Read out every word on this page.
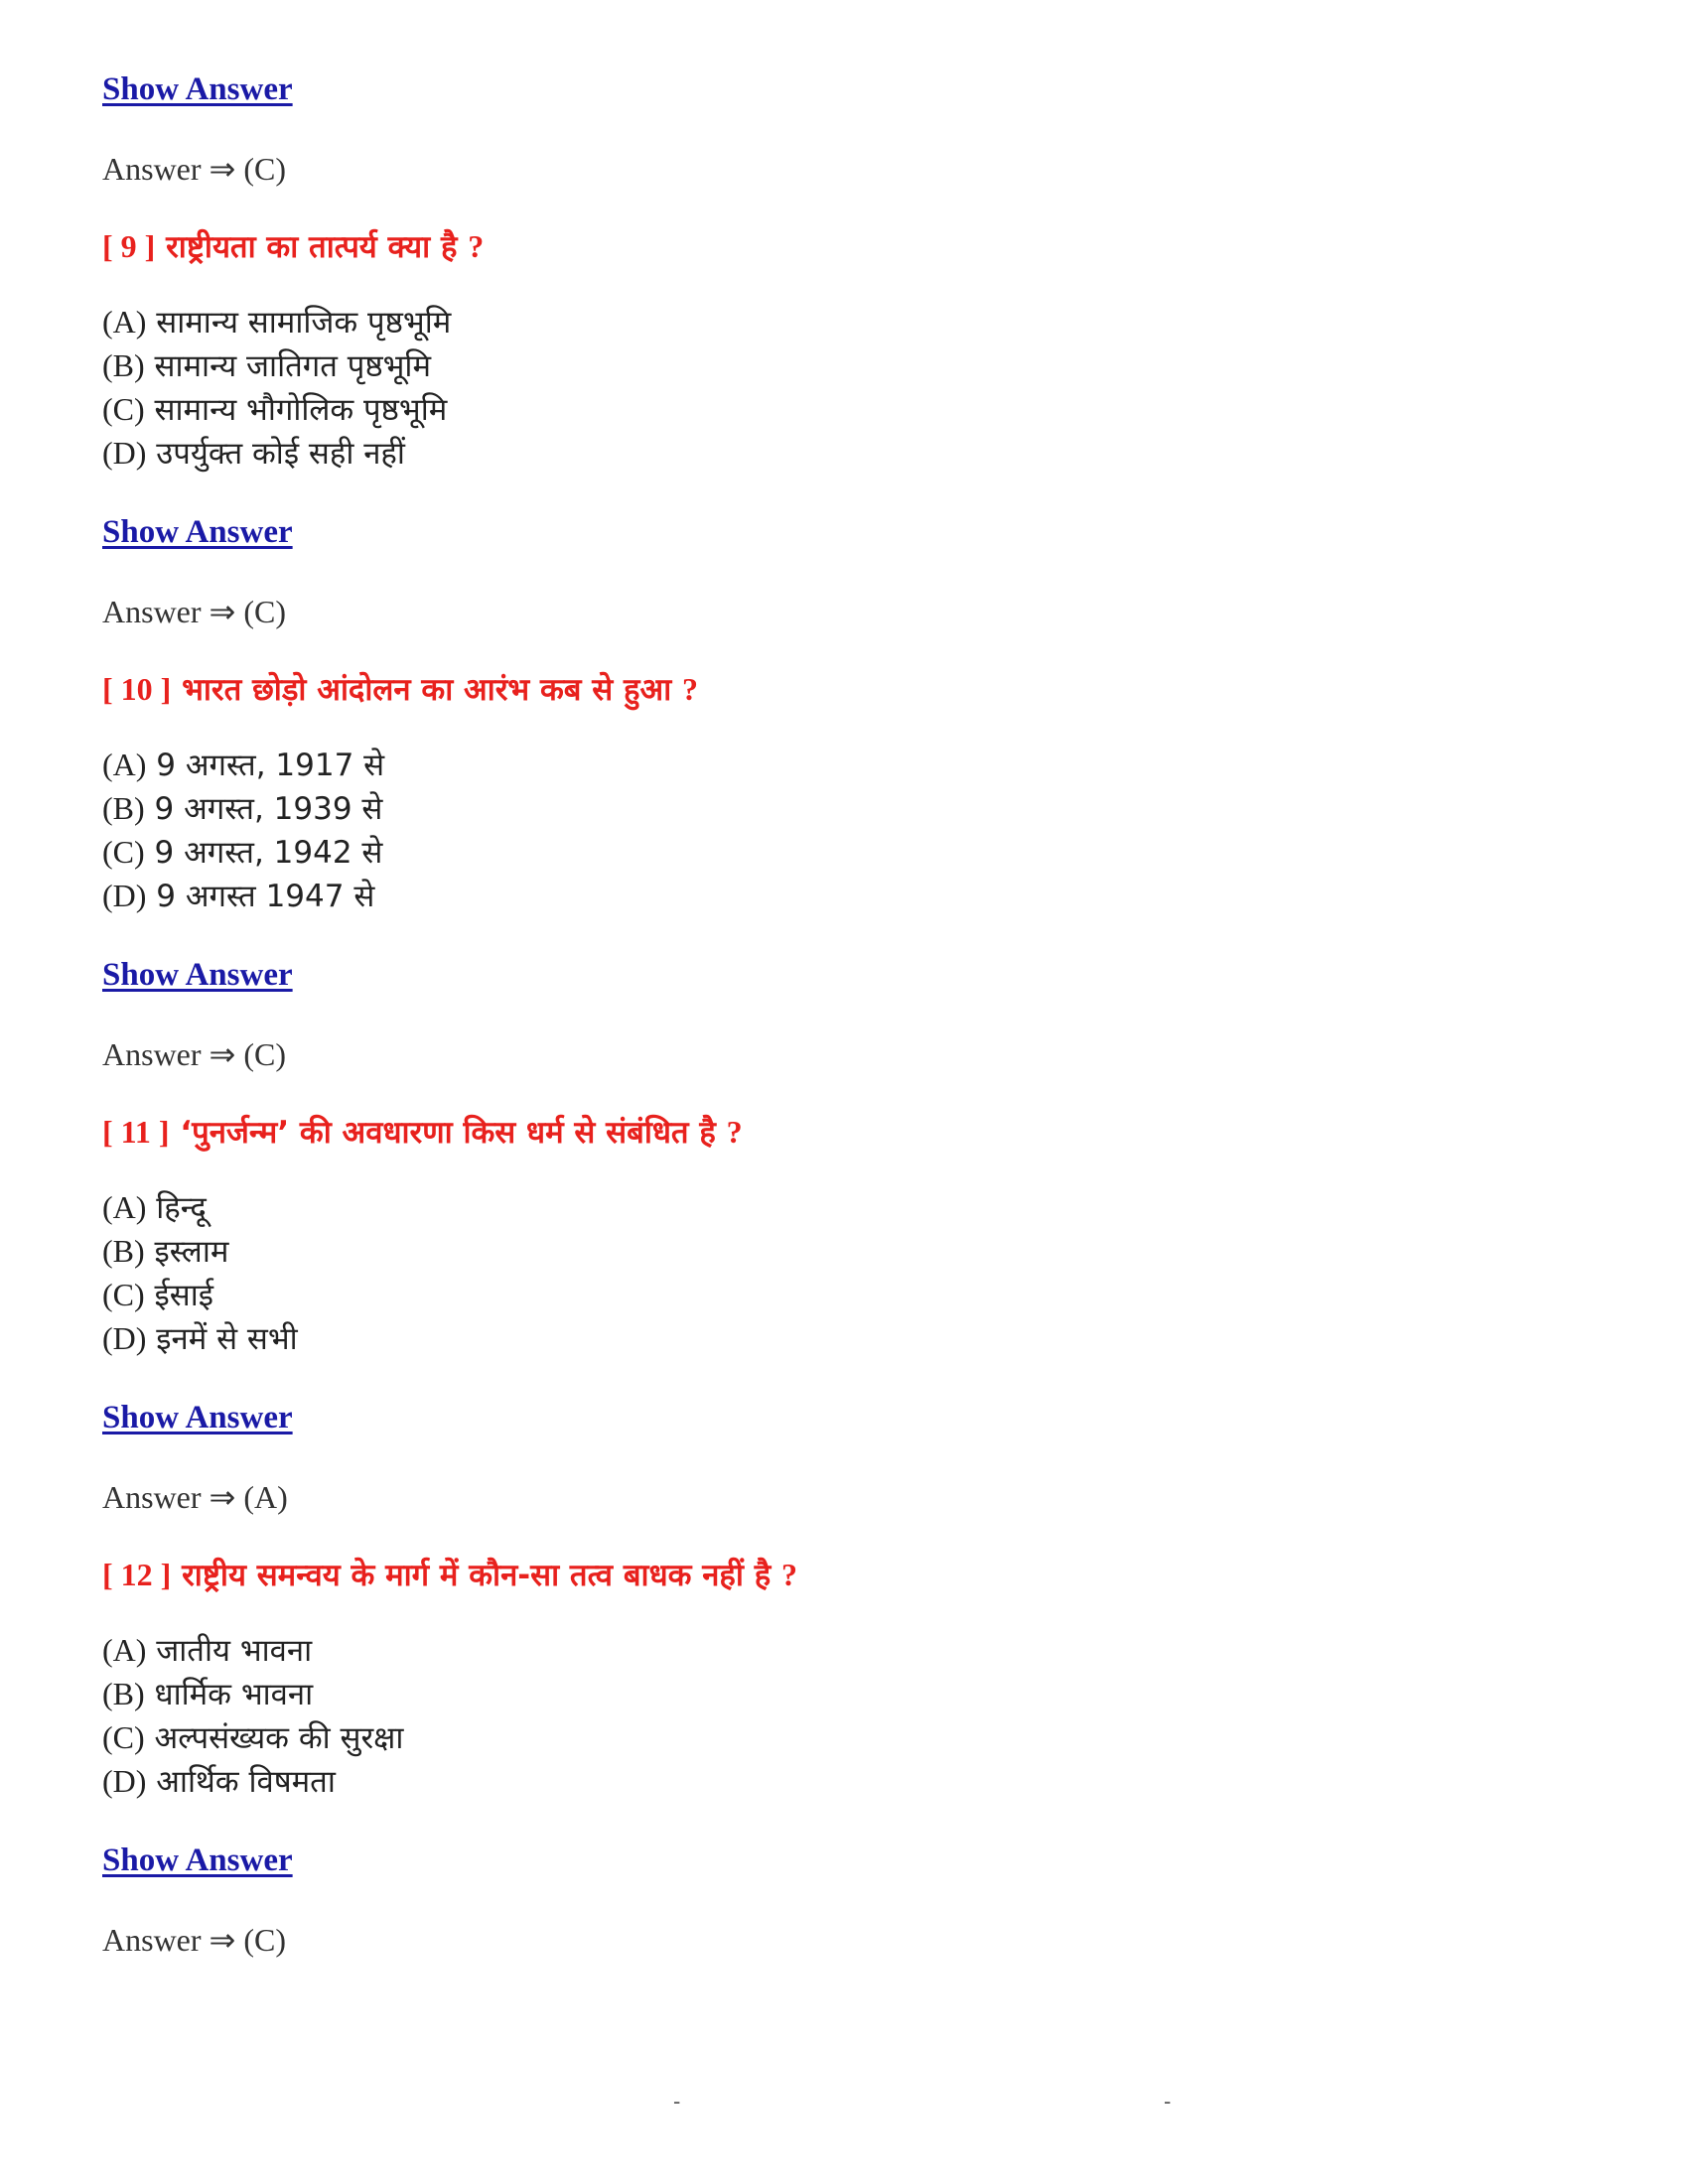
Show Answer
Answer ⇒ (C)
[ 9 ] राष्ट्रीयता का तात्पर्य क्या है ?
(A) सामान्य सामाजिक पृष्ठभूमि
(B) सामान्य जातिगत पृष्ठभूमि
(C) सामान्य भौगोलिक पृष्ठभूमि
(D) उपर्युक्त कोई सही नहीं
Show Answer
Answer ⇒ (C)
[ 10 ] भारत छोड़ो आंदोलन का आरंभ कब से हुआ ?
(A) 9 अगस्त, 1917 से
(B) 9 अगस्त, 1939 से
(C) 9 अगस्त, 1942 से
(D) 9 अगस्त 1947 से
Show Answer
Answer ⇒ (C)
[ 11 ] ‘पुनर्जन्म’ की अवधारणा किस धर्म से संबंधित है ?
(A) हिन्दू
(B) इस्लाम
(C) ईसाई
(D) इनमें से सभी
Show Answer
Answer ⇒ (A)
[ 12 ] राष्ट्रीय समन्वय के मार्ग में कौन-सा तत्व बाधक नहीं है ?
(A) जातीय भावना
(B) धार्मिक भावना
(C) अल्पसंख्यक की सुरक्षा
(D) आर्थिक विषमता
Show Answer
Answer ⇒ (C)
-	-
